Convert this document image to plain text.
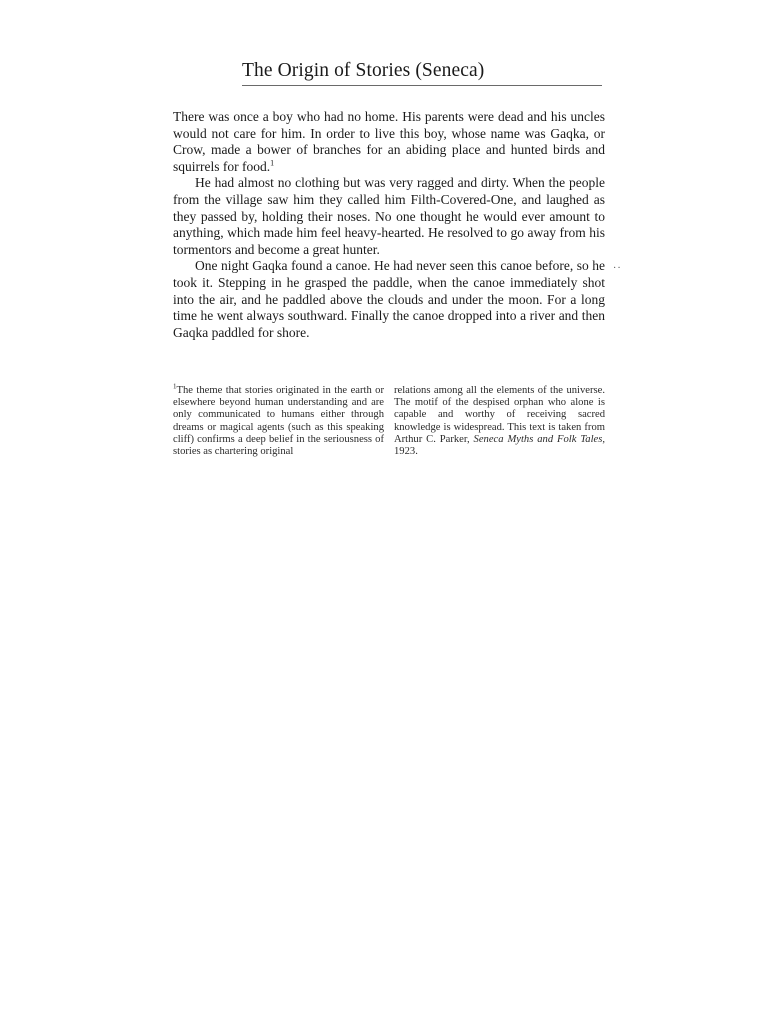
The Origin of Stories (Seneca)

There was once a boy who had no home. His parents were dead and his uncles would not care for him. In order to live this boy, whose name was Gaqka, or Crow, made a bower of branches for an abiding place and hunted birds and squirrels for food.$^1$

He had almost no clothing but was very ragged and dirty. When the people from the village saw him they called him Filth-Covered-One, and laughed as they passed by, holding their noses. No one thought he would ever amount to anything, which made him feel heavy-hearted. He resolved to go away from his tormentors and become a great hunter.

One night Gaqka found a canoe. He had never seen this canoe before, so he took it. Stepping in he grasped the paddle, when the canoe immediately shot into the air, and he paddled above the clouds and under the moon. For a long time he went always southward. Finally the canoe dropped into a river and then Gaqka paddled for shore.

··
$^1$The theme that stories originated in the earth or elsewhere beyond human understanding and are only communicated to humans either through dreams or magical agents (such as this speaking cliff) confirms a deep belief in the seriousness of stories as chartering original
relations among all the elements of the universe. The motif of the despised orphan who alone is capable and worthy of receiving sacred knowledge is widespread. This text is taken from Arthur C. Parker, Seneca Myths and Folk Tales, 1923.
